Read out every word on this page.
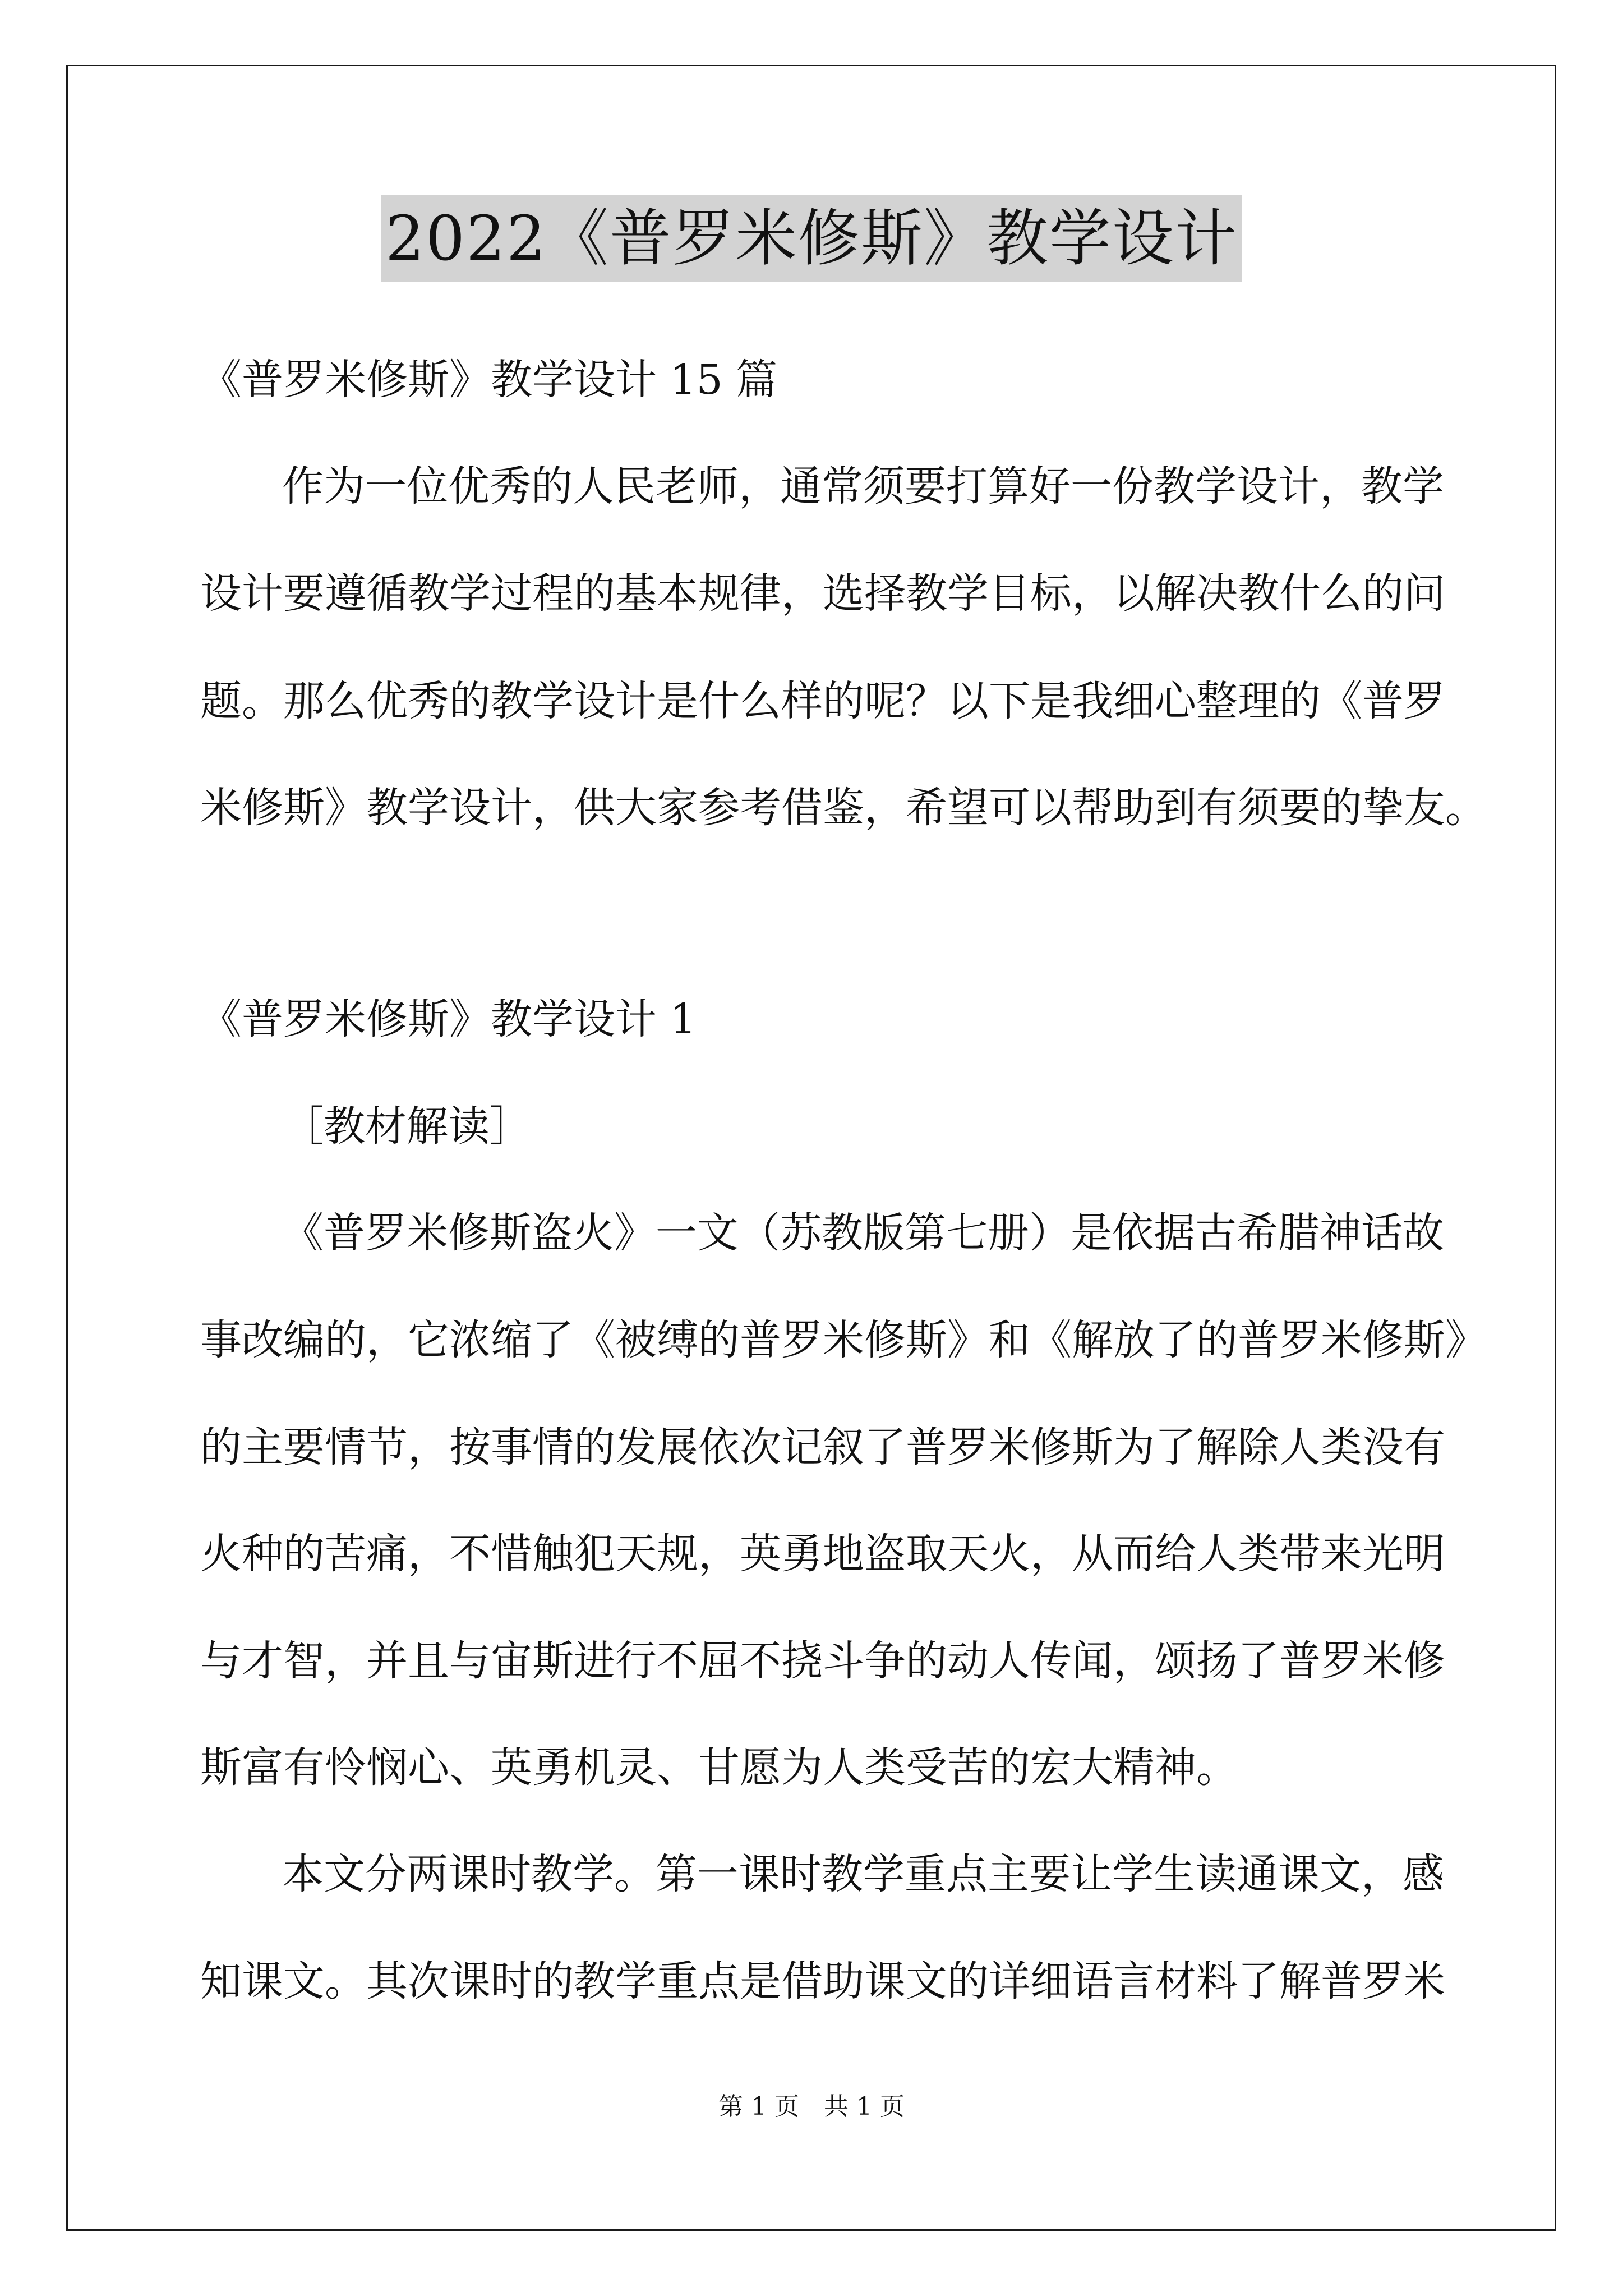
2022《普罗米修斯》教学设计

《普罗米修斯》教学设计 15 篇

作为一位优秀的人民老师，通常须要打算好一份教学设计，教学

设计要遵循教学过程的基本规律，选择教学目标，以解决教什么的问

题。那么优秀的教学设计是什么样的呢？以下是我细心整理的《普罗

米修斯》教学设计，供大家参考借鉴，希望可以帮助到有须要的挚友。

《普罗米修斯》教学设计 1

［教材解读］

《普罗米修斯盗火》一文（苏教版第七册）是依据古希腊神话故

事改编的，它浓缩了《被缚的普罗米修斯》和《解放了的普罗米修斯》

的主要情节，按事情的发展依次记叙了普罗米修斯为了解除人类没有

火种的苦痛，不惜触犯天规，英勇地盗取天火，从而给人类带来光明

与才智，并且与宙斯进行不屈不挠斗争的动人传闻，颂扬了普罗米修

斯富有怜悯心、英勇机灵、甘愿为人类受苦的宏大精神。

本文分两课时教学。第一课时教学重点主要让学生读通课文，感

知课文。其次课时的教学重点是借助课文的详细语言材料了解普罗米

第 1 页　共 1 页
